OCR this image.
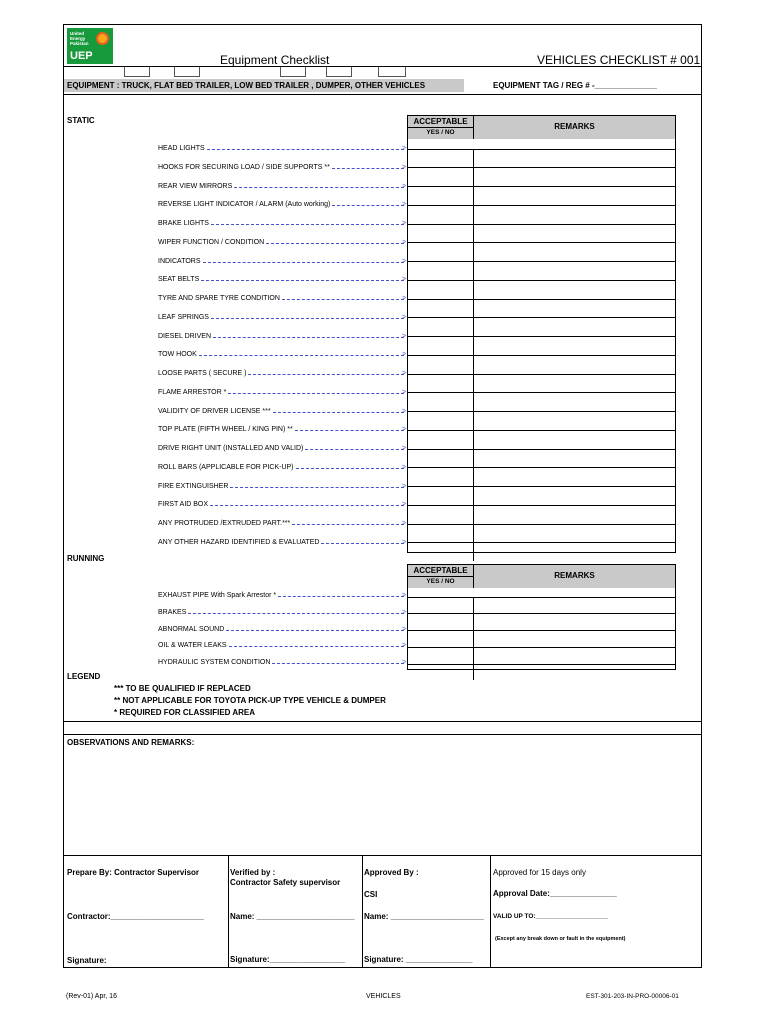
United
Energy
Pakistan
UEP	Equipment Checklist	VEHICLES CHECKLIST # 001
EQUIPMENT : TRUCK, FLAT BED TRAILER, LOW BED TRAILER , DUMPER, OTHER VEHICLES	EQUIPMENT TAG / REG # -______________
STATIC
HEAD LIGHTS	>
HOOKS FOR SECURING LOAD / SIDE SUPPORTS **	>
REAR VIEW MIRRORS	>
REVERSE LIGHT INDICATOR / ALARM (Auto working)	>
BRAKE LIGHTS	>
WIPER FUNCTION / CONDITION	>
INDICATORS	>
SEAT BELTS	>
TYRE AND SPARE TYRE CONDITION	>
LEAF SPRINGS	>
DIESEL DRIVEN	>
TOW HOOK	>
LOOSE PARTS ( SECURE )	>
FLAME ARRESTOR *	>
VALIDITY OF DRIVER LICENSE ***	>
TOP PLATE (FIFTH WHEEL / KING PIN) **	>
DRIVE RIGHT UNIT (INSTALLED AND VALID)	>
ROLL BARS (APPLICABLE FOR PICK-UP)	>
FIRE EXTINGUISHER	>
FIRST AID BOX	>
ANY PROTRUDED /EXTRUDED PART.***	>
ANY OTHER HAZARD IDENTIFIED & EVALUATED	>
ACCEPTABLE
YES / NO
REMARKS
RUNNING
EXHAUST PIPE With Spark Arrestor *	>
BRAKES	>
ABNORMAL SOUND	>
OIL & WATER LEAKS	>
HYDRAULIC SYSTEM CONDITION	>
ACCEPTABLE
YES / NO
REMARKS
LEGEND
*** TO BE QUALIFIED IF REPLACED
** NOT APPLICABLE FOR TOYOTA PICK-UP TYPE VEHICLE & DUMPER
* REQUIRED FOR CLASSIFIED AREA
OBSERVATIONS AND REMARKS:
Prepare By: Contractor Supervisor
Contractor:_____________________
Signature:
Verified by :
Contractor Safety supervisor
Name: ______________________
Signature:_________________
Approved By :
CSI
Name: _____________________
Signature: _______________
Approved for 15 days only
Approval Date:_______________
VALID UP TO:____________________
(Except any break down or fault in the equipment)
(Rev-01) Apr, 16	VEHICLES	EST-301-203-IN-PRO-00006-01
